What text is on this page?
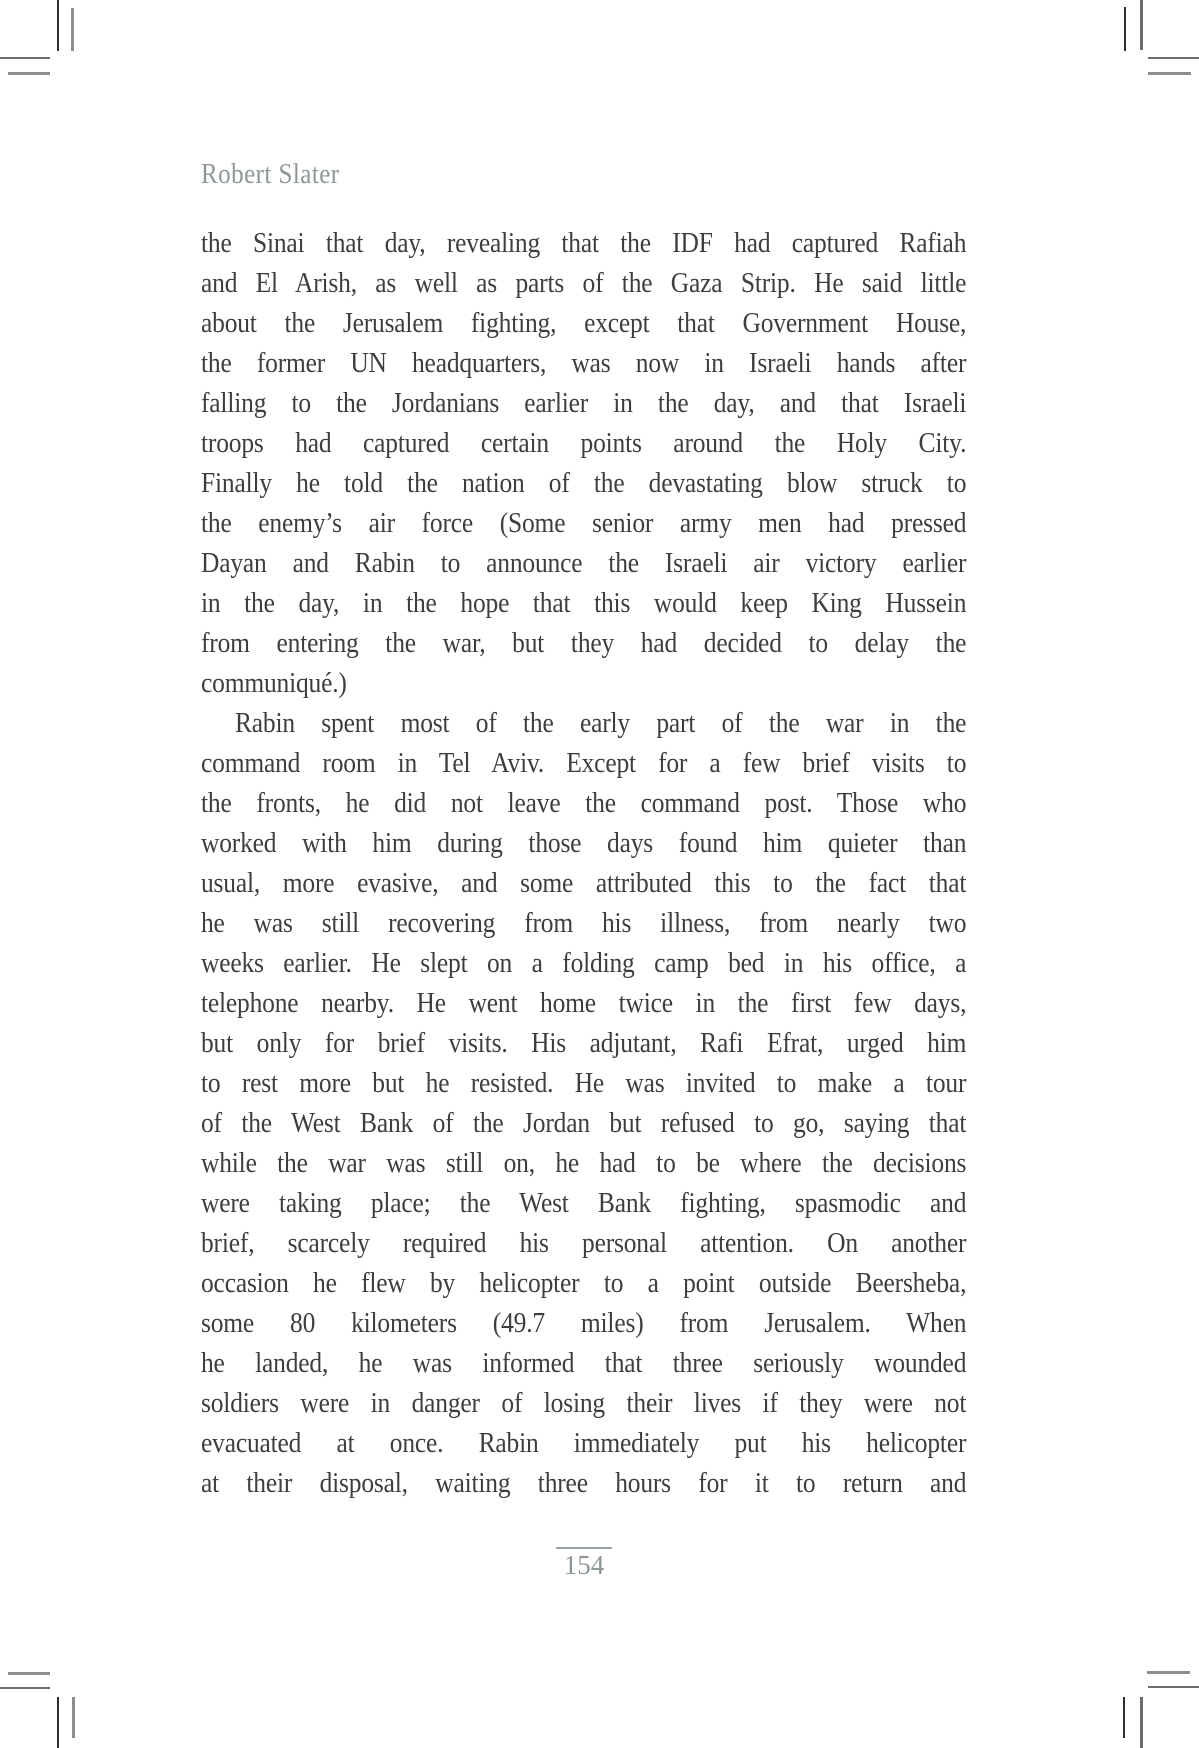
Robert Slater
the Sinai that day, revealing that the IDF had captured Rafiah
and El Arish, as well as parts of the Gaza Strip. He said little
about the Jerusalem fighting, except that Government House,
the former UN headquarters, was now in Israeli hands after
falling to the Jordanians earlier in the day, and that Israeli
troops had captured certain points around the Holy City.
Finally he told the nation of the devastating blow struck to
the enemy’s air force (Some senior army men had pressed
Dayan and Rabin to announce the Israeli air victory earlier
in the day, in the hope that this would keep King Hussein
from entering the war, but they had decided to delay the
communiqué.)
Rabin spent most of the early part of the war in the
command room in Tel Aviv. Except for a few brief visits to
the fronts, he did not leave the command post. Those who
worked with him during those days found him quieter than
usual, more evasive, and some attributed this to the fact that
he was still recovering from his illness, from nearly two
weeks earlier. He slept on a folding camp bed in his office, a
telephone nearby. He went home twice in the first few days,
but only for brief visits. His adjutant, Rafi Efrat, urged him
to rest more but he resisted. He was invited to make a tour
of the West Bank of the Jordan but refused to go, saying that
while the war was still on, he had to be where the decisions
were taking place; the West Bank fighting, spasmodic and
brief, scarcely required his personal attention. On another
occasion he flew by helicopter to a point outside Beersheba,
some 80 kilometers (49.7 miles) from Jerusalem. When
he landed, he was informed that three seriously wounded
soldiers were in danger of losing their lives if they were not
evacuated at once. Rabin immediately put his helicopter
at their disposal, waiting three hours for it to return and
154
